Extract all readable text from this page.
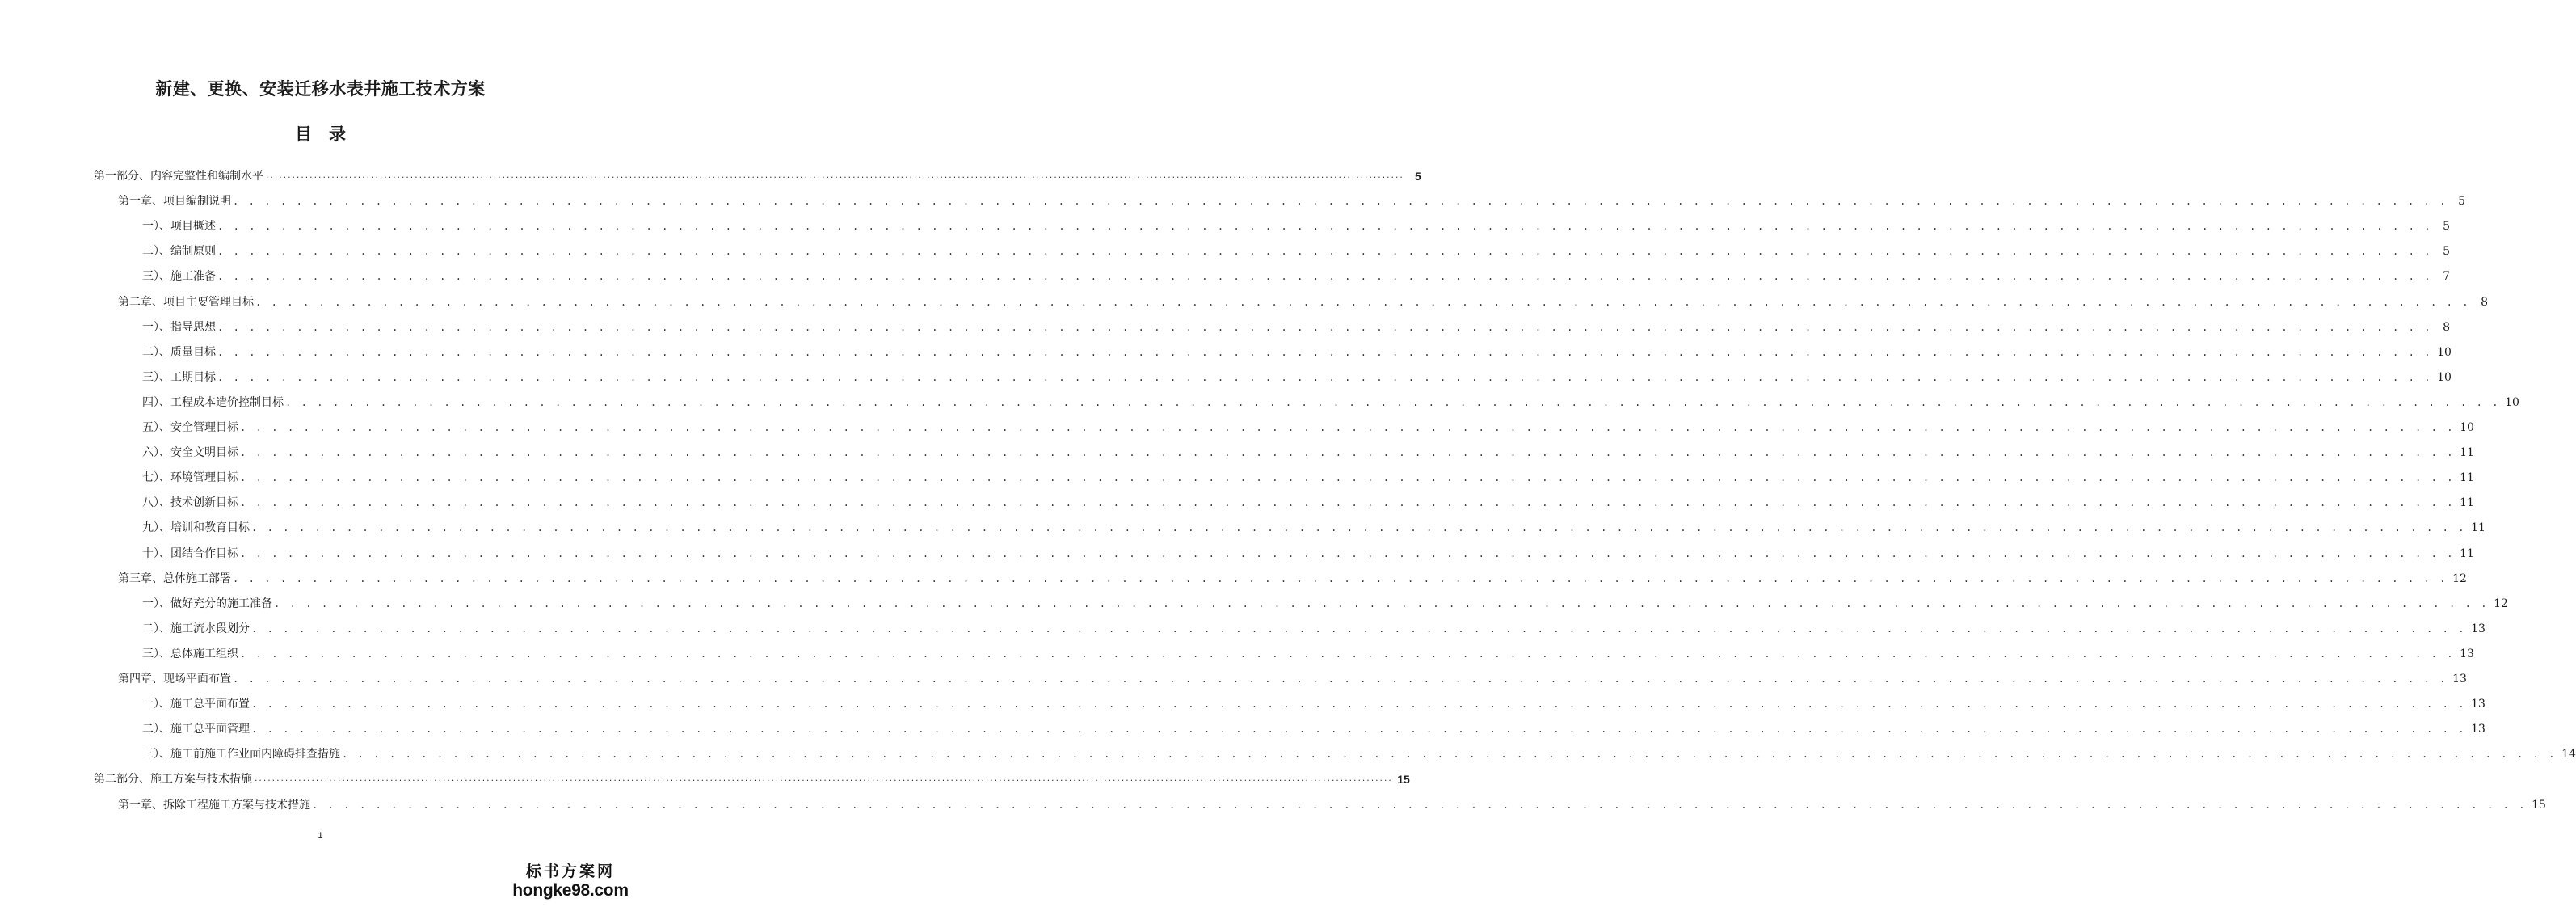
新建、更换、安装迁移水表井施工技术方案
目　录
第一部分、内容完整性和编制水平 ....................................................................................................................................................................................................................................................................	5
第一章、项目编制说明 . . . . . . . . . . . . . . . . . . . . . . . . . . . . . . . . . . . . . . . . . . . . . . . . . . . . . . . . . . . . . . . . . . . . . . . . . . . . . . . . . . . . . . . . . . . . . . . . . . . . . . . . . . . . . . . . . . . . . . . . . . . . . . . . . . . . . . . . . . . . 5
一）、项目概述 . . . . . . . . . . . . . . . . . . . . . . . . . . . . . . . . . . . . . . . . . . . . . . . . . . . . . . . . . . . . . . . . . . . . . . . . . . . . . . . . . . . . . . . . . . . . . . . . . . . . . . . . . . . . . . . . . . . . . . . . . . . . . . . . . . . . . . . . . . . . 5
二）、编制原则 . . . . . . . . . . . . . . . . . . . . . . . . . . . . . . . . . . . . . . . . . . . . . . . . . . . . . . . . . . . . . . . . . . . . . . . . . . . . . . . . . . . . . . . . . . . . . . . . . . . . . . . . . . . . . . . . . . . . . . . . . . . . . . . . . . . . . . . . . . . . 5
三）、施工准备 . . . . . . . . . . . . . . . . . . . . . . . . . . . . . . . . . . . . . . . . . . . . . . . . . . . . . . . . . . . . . . . . . . . . . . . . . . . . . . . . . . . . . . . . . . . . . . . . . . . . . . . . . . . . . . . . . . . . . . . . . . . . . . . . . . . . . . . . . . . . 7
第二章、项目主要管理目标 . . . . . . . . . . . . . . . . . . . . . . . . . . . . . . . . . . . . . . . . . . . . . . . . . . . . . . . . . . . . . . . . . . . . . . . . . . . . . . . . . . . . . . . . . . . . . . . . . . . . . . . . . . . . . . . . . . . . . . . . . . . . . . . . . . . . . . . . . . . . 8
一）、指导思想 . . . . . . . . . . . . . . . . . . . . . . . . . . . . . . . . . . . . . . . . . . . . . . . . . . . . . . . . . . . . . . . . . . . . . . . . . . . . . . . . . . . . . . . . . . . . . . . . . . . . . . . . . . . . . . . . . . . . . . . . . . . . . . . . . . . . . . . . . . . . 8
二）、质量目标 . . . . . . . . . . . . . . . . . . . . . . . . . . . . . . . . . . . . . . . . . . . . . . . . . . . . . . . . . . . . . . . . . . . . . . . . . . . . . . . . . . . . . . . . . . . . . . . . . . . . . . . . . . . . . . . . . . . . . . . . . . . . . . . . . . . . . . . . . . . . 10
三）、工期目标 . . . . . . . . . . . . . . . . . . . . . . . . . . . . . . . . . . . . . . . . . . . . . . . . . . . . . . . . . . . . . . . . . . . . . . . . . . . . . . . . . . . . . . . . . . . . . . . . . . . . . . . . . . . . . . . . . . . . . . . . . . . . . . . . . . . . . . . . . . . . 10
四）、工程成本造价控制目标 . . . . . . . . . . . . . . . . . . . . . . . . . . . . . . . . . . . . . . . . . . . . . . . . . . . . . . . . . . . . . . . . . . . . . . . . . . . . . . . . . . . . . . . . . . . . . . . . . . . . . . . . . . . . . . . . . . . . . . . . . . . . . . . . . . . . . . . . . . . . 10
五）、安全管理目标 . . . . . . . . . . . . . . . . . . . . . . . . . . . . . . . . . . . . . . . . . . . . . . . . . . . . . . . . . . . . . . . . . . . . . . . . . . . . . . . . . . . . . . . . . . . . . . . . . . . . . . . . . . . . . . . . . . . . . . . . . . . . . . . . . . . . . . . . . . . . 10
六）、安全文明目标 . . . . . . . . . . . . . . . . . . . . . . . . . . . . . . . . . . . . . . . . . . . . . . . . . . . . . . . . . . . . . . . . . . . . . . . . . . . . . . . . . . . . . . . . . . . . . . . . . . . . . . . . . . . . . . . . . . . . . . . . . . . . . . . . . . . . . . . . . . . . 11
七）、环境管理目标 . . . . . . . . . . . . . . . . . . . . . . . . . . . . . . . . . . . . . . . . . . . . . . . . . . . . . . . . . . . . . . . . . . . . . . . . . . . . . . . . . . . . . . . . . . . . . . . . . . . . . . . . . . . . . . . . . . . . . . . . . . . . . . . . . . . . . . . . . . . . 11
八）、技术创新目标 . . . . . . . . . . . . . . . . . . . . . . . . . . . . . . . . . . . . . . . . . . . . . . . . . . . . . . . . . . . . . . . . . . . . . . . . . . . . . . . . . . . . . . . . . . . . . . . . . . . . . . . . . . . . . . . . . . . . . . . . . . . . . . . . . . . . . . . . . . . . 11
九）、培训和教育目标 . . . . . . . . . . . . . . . . . . . . . . . . . . . . . . . . . . . . . . . . . . . . . . . . . . . . . . . . . . . . . . . . . . . . . . . . . . . . . . . . . . . . . . . . . . . . . . . . . . . . . . . . . . . . . . . . . . . . . . . . . . . . . . . . . . . . . . . . . . . . 11
十）、团结合作目标 . . . . . . . . . . . . . . . . . . . . . . . . . . . . . . . . . . . . . . . . . . . . . . . . . . . . . . . . . . . . . . . . . . . . . . . . . . . . . . . . . . . . . . . . . . . . . . . . . . . . . . . . . . . . . . . . . . . . . . . . . . . . . . . . . . . . . . . . . . . . 11
第三章、总体施工部署 . . . . . . . . . . . . . . . . . . . . . . . . . . . . . . . . . . . . . . . . . . . . . . . . . . . . . . . . . . . . . . . . . . . . . . . . . . . . . . . . . . . . . . . . . . . . . . . . . . . . . . . . . . . . . . . . . . . . . . . . . . . . . . . . . . . . . . . . . . . . 12
一）、做好充分的施工准备 . . . . . . . . . . . . . . . . . . . . . . . . . . . . . . . . . . . . . . . . . . . . . . . . . . . . . . . . . . . . . . . . . . . . . . . . . . . . . . . . . . . . . . . . . . . . . . . . . . . . . . . . . . . . . . . . . . . . . . . . . . . . . . . . . . . . . . . . . . . . 12
二）、施工流水段划分 . . . . . . . . . . . . . . . . . . . . . . . . . . . . . . . . . . . . . . . . . . . . . . . . . . . . . . . . . . . . . . . . . . . . . . . . . . . . . . . . . . . . . . . . . . . . . . . . . . . . . . . . . . . . . . . . . . . . . . . . . . . . . . . . . . . . . . . . . . . . 13
三）、总体施工组织 . . . . . . . . . . . . . . . . . . . . . . . . . . . . . . . . . . . . . . . . . . . . . . . . . . . . . . . . . . . . . . . . . . . . . . . . . . . . . . . . . . . . . . . . . . . . . . . . . . . . . . . . . . . . . . . . . . . . . . . . . . . . . . . . . . . . . . . . . . . . 13
第四章、现场平面布置 . . . . . . . . . . . . . . . . . . . . . . . . . . . . . . . . . . . . . . . . . . . . . . . . . . . . . . . . . . . . . . . . . . . . . . . . . . . . . . . . . . . . . . . . . . . . . . . . . . . . . . . . . . . . . . . . . . . . . . . . . . . . . . . . . . . . . . . . . . . . 13
一）、施工总平面布置 . . . . . . . . . . . . . . . . . . . . . . . . . . . . . . . . . . . . . . . . . . . . . . . . . . . . . . . . . . . . . . . . . . . . . . . . . . . . . . . . . . . . . . . . . . . . . . . . . . . . . . . . . . . . . . . . . . . . . . . . . . . . . . . . . . . . . . . . . . . . 13
二）、施工总平面管理 . . . . . . . . . . . . . . . . . . . . . . . . . . . . . . . . . . . . . . . . . . . . . . . . . . . . . . . . . . . . . . . . . . . . . . . . . . . . . . . . . . . . . . . . . . . . . . . . . . . . . . . . . . . . . . . . . . . . . . . . . . . . . . . . . . . . . . . . . . . . 13
三）、施工前施工作业面内障碍排查措施 . . . . . . . . . . . . . . . . . . . . . . . . . . . . . . . . . . . . . . . . . . . . . . . . . . . . . . . . . . . . . . . . . . . . . . . . . . . . . . . . . . . . . . . . . . . . . . . . . . . . . . . . . . . . . . . . . . . . . . . . . . . . . . . . . . . . . . . . . . . . 14
第二部分、施工方案与技术措施 .................................................................................................................................................................................................................................................................... 15
第一章、拆除工程施工方案与技术措施 . . . . . . . . . . . . . . . . . . . . . . . . . . . . . . . . . . . . . . . . . . . . . . . . . . . . . . . . . . . . . . . . . . . . . . . . . . . . . . . . . . . . . . . . . . . . . . . . . . . . . . . . . . . . . . . . . . . . . . . . . . . . . . . . . . . . . . . . . . . . 15
1
标书方案网
hongke98.com
